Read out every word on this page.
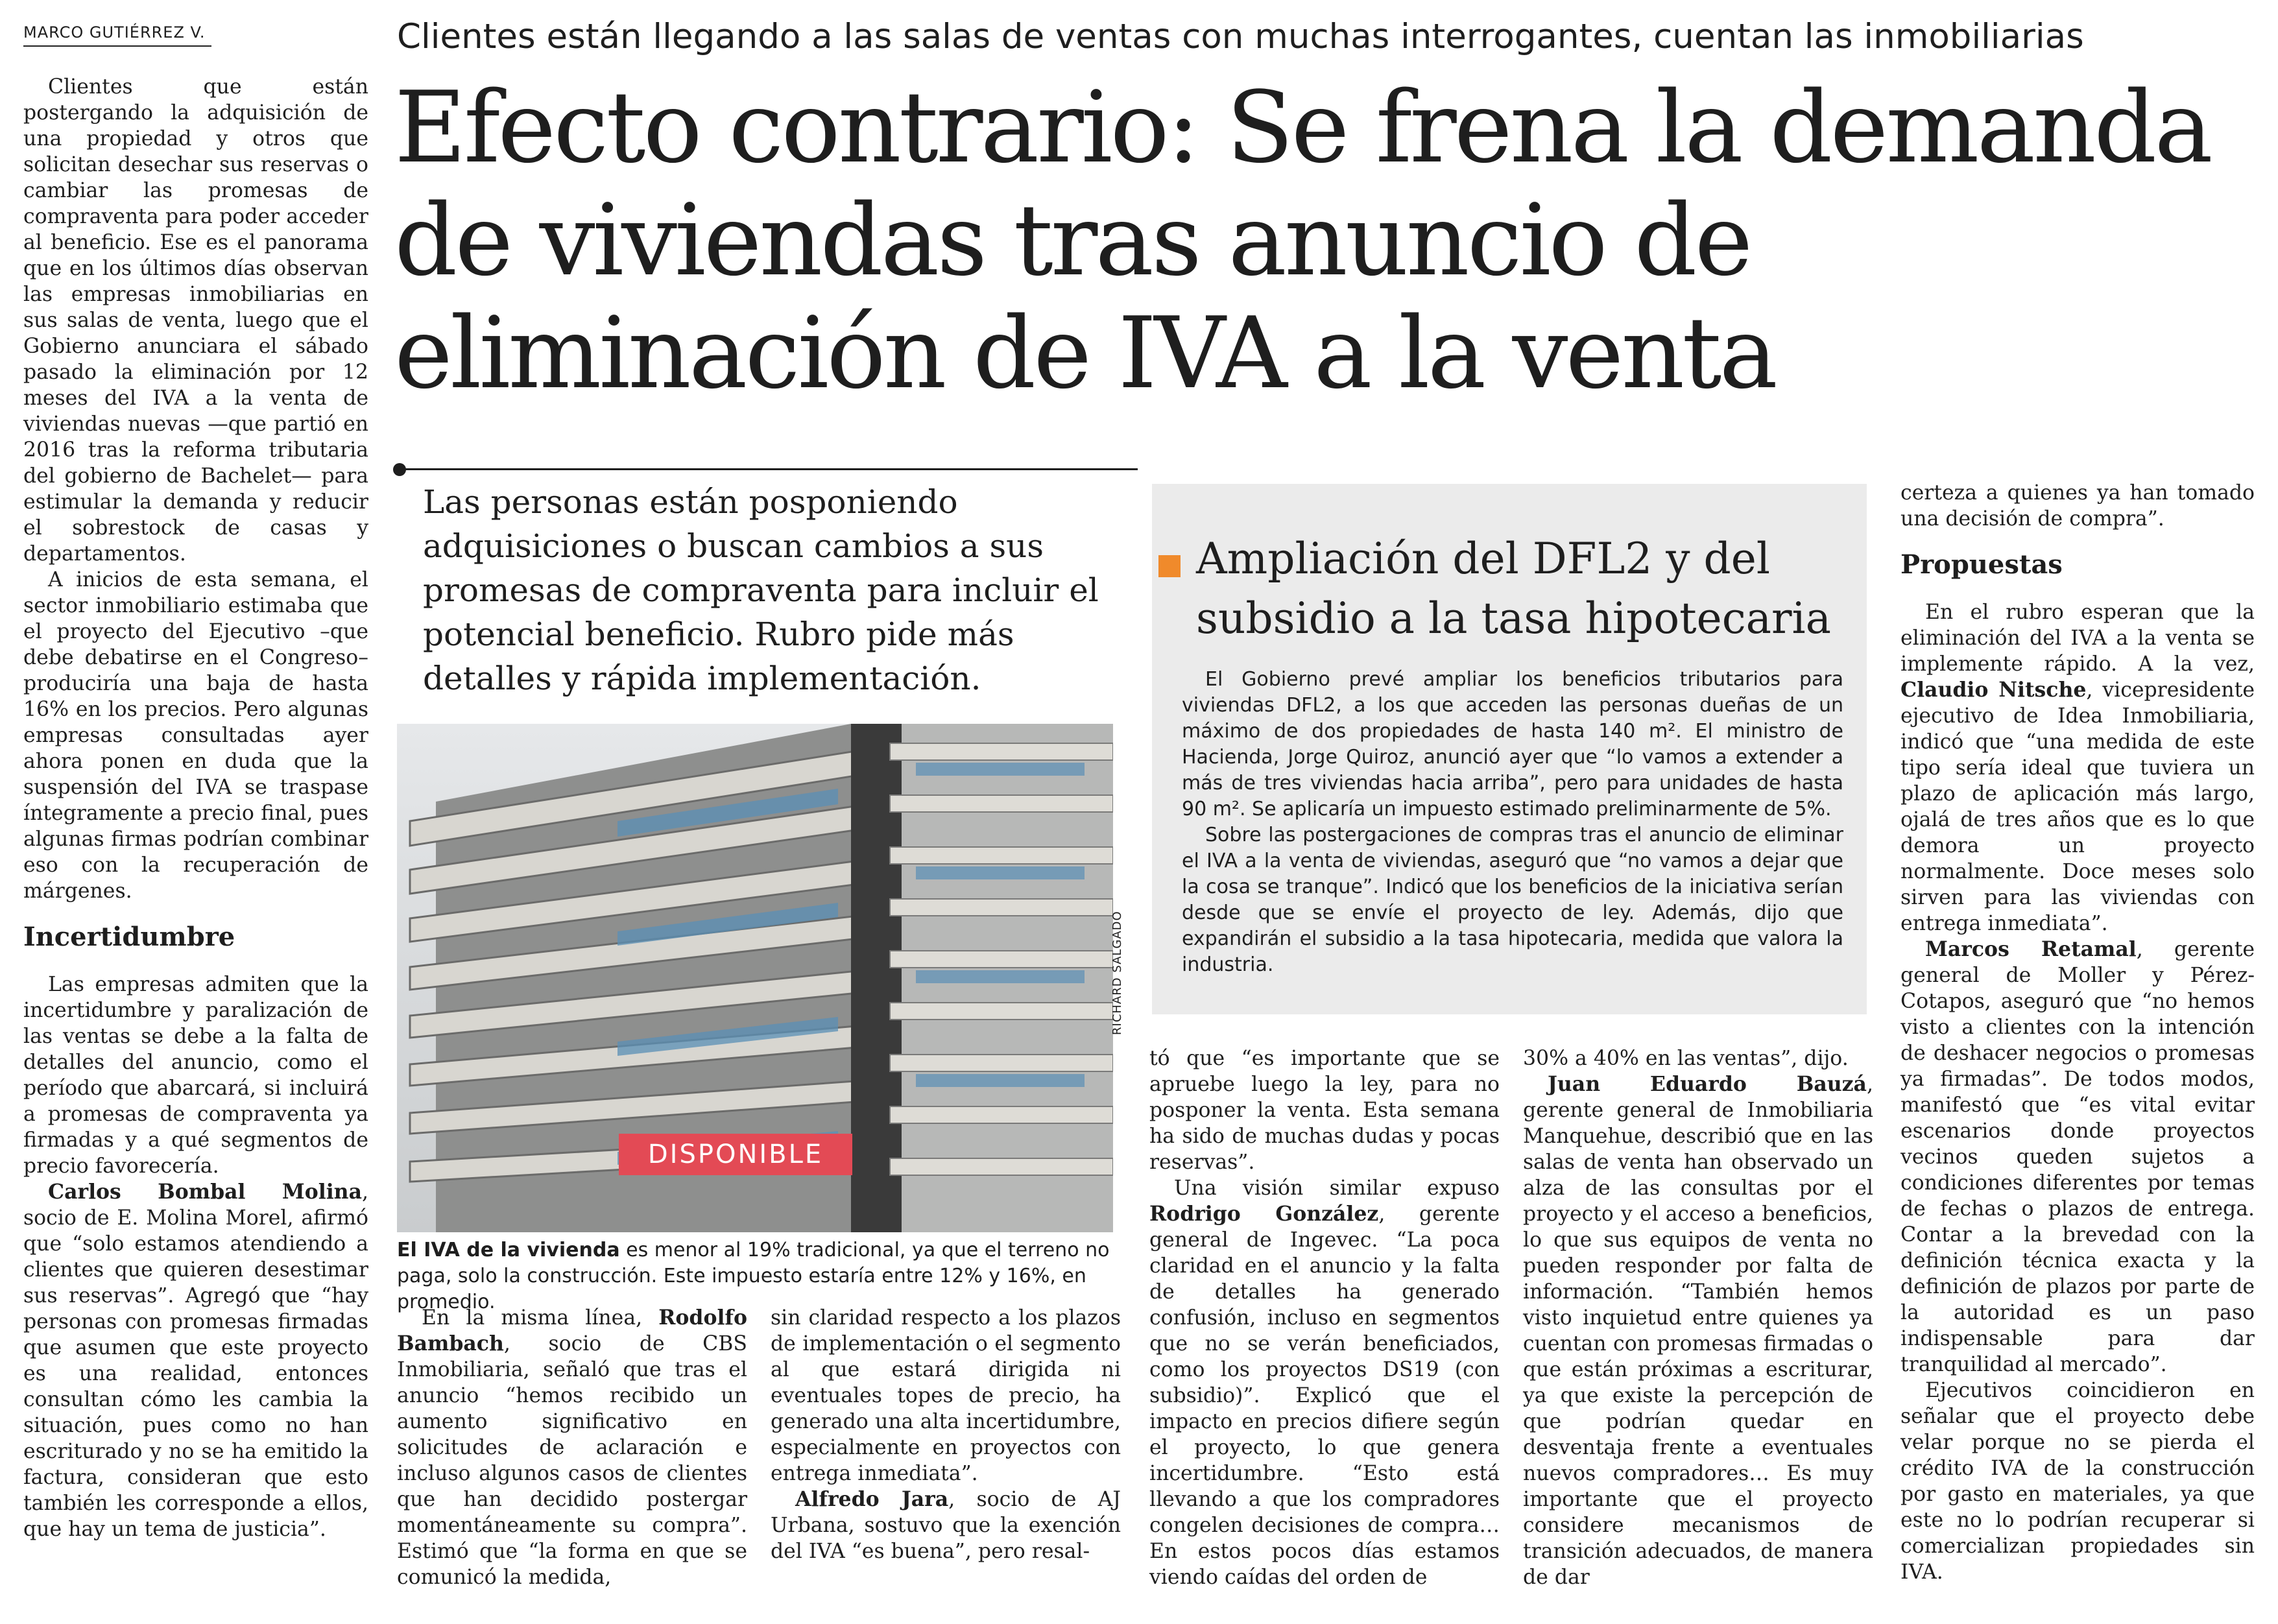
MARCO GUTIÉRREZ V.

Clientes que están postergando la adquisición de una propiedad y otros que solicitan desechar sus reservas o cambiar las promesas de compraventa para poder acceder al beneficio. Ese es el panorama que en los últimos días observan las empresas inmobiliarias en sus salas de venta, luego que el Gobierno anunciara el sábado pasado la eliminación por 12 meses del IVA a la venta de viviendas nuevas —que partió en 2016 tras la reforma tributaria del gobierno de Bachelet— para estimular la demanda y reducir el sobrestock de casas y departamentos.

A inicios de esta semana, el sector inmobiliario estimaba que el proyecto del Ejecutivo –que debe debatirse en el Congreso– produciría una baja de hasta 16% en los precios. Pero algunas empresas consultadas ayer ahora ponen en duda que la suspensión del IVA se traspase íntegramente a precio final, pues algunas firmas podrían combinar eso con la recuperación de márgenes.

Incertidumbre

Las empresas admiten que la incertidumbre y paralización de las ventas se debe a la falta de detalles del anuncio, como el período que abarcará, si incluirá a promesas de compraventa ya firmadas y a qué segmentos de precio favorecería.

Carlos Bombal Molina, socio de E. Molina Morel, afirmó que “solo estamos atendiendo a clientes que quieren desestimar sus reservas”. Agregó que “hay personas con promesas firmadas que asumen que este proyecto es una realidad, entonces consultan cómo les cambia la situación, pues como no han escriturado y no se ha emitido la factura, consideran que esto también les corresponde a ellos, que hay un tema de justicia”.

Clientes están llegando a las salas de ventas con muchas interrogantes, cuentan las inmobiliarias
Efecto contrario: Se frena la demanda de viviendas tras anuncio de eliminación de IVA a la venta
Las personas están posponiendo adquisiciones o buscan cambios a sus promesas de compraventa para incluir el potencial beneficio. Rubro pide más detalles y rápida implementación.
DISPONIBLE
RICHARD SALGADO
El IVA de la vivienda es menor al 19% tradicional, ya que el terreno no paga, solo la construcción. Este impuesto estaría entre 12% y 16%, en promedio.
Ampliación del DFL2 y del subsidio a la tasa hipotecaria

El Gobierno prevé ampliar los beneficios tributarios para viviendas DFL2, a los que acceden las personas dueñas de un máximo de dos propiedades de hasta 140 m². El ministro de Hacienda, Jorge Quiroz, anunció ayer que “lo vamos a extender a más de tres viviendas hacia arriba”, pero para unidades de hasta 90 m². Se aplicaría un impuesto estimado preliminarmente de 5%.

Sobre las postergaciones de compras tras el anuncio de eliminar el IVA a la venta de viviendas, aseguró que “no vamos a dejar que la cosa se tranque”. Indicó que los beneficios de la iniciativa serían desde que se envíe el proyecto de ley. Además, dijo que expandirán el subsidio a la tasa hipotecaria, medida que valora la industria.

En la misma línea, Rodolfo Bambach, socio de CBS Inmobiliaria, señaló que tras el anuncio “hemos recibido un aumento significativo en solicitudes de aclaración e incluso algunos casos de clientes que han decidido postergar momentáneamente su compra”. Estimó que “la forma en que se comunicó la medida,

sin claridad respecto a los plazos de implementación o el segmento al que estará dirigida ni eventuales topes de precio, ha generado una alta incertidumbre, especialmente en proyectos con entrega inmediata”.

Alfredo Jara, socio de AJ Urbana, sostuvo que la exención del IVA “es buena”, pero resal-

tó que “es importante que se apruebe luego la ley, para no posponer la venta. Esta semana ha sido de muchas dudas y pocas reservas”.

Una visión similar expuso Rodrigo González, gerente general de Ingevec. “La poca claridad en el anuncio y la falta de detalles ha generado confusión, incluso en segmentos que no se verán beneficiados, como los proyectos DS19 (con subsidio)”. Explicó que el impacto en precios difiere según el proyecto, lo que genera incertidumbre. “Esto está llevando a que los compradores congelen decisiones de compra… En estos pocos días estamos viendo caídas del orden de

30% a 40% en las ventas”, dijo.

Juan Eduardo Bauzá, gerente general de Inmobiliaria Manquehue, describió que en las salas de venta han observado un alza de las consultas por el proyecto y el acceso a beneficios, lo que sus equipos de venta no pueden responder por falta de información. “También hemos visto inquietud entre quienes ya cuentan con promesas firmadas o que están próximas a escriturar, ya que existe la percepción de que podrían quedar en desventaja frente a eventuales nuevos compradores… Es muy importante que el proyecto considere mecanismos de transición adecuados, de manera de dar

certeza a quienes ya han tomado una decisión de compra”.

Propuestas

En el rubro esperan que la eliminación del IVA a la venta se implemente rápido. A la vez, Claudio Nitsche, vicepresidente ejecutivo de Idea Inmobiliaria, indicó que “una medida de este tipo sería ideal que tuviera un plazo de aplicación más largo, ojalá de tres años que es lo que demora un proyecto normalmente. Doce meses solo sirven para las viviendas con entrega inmediata”.

Marcos Retamal, gerente general de Moller y Pérez-Cotapos, aseguró que “no hemos visto a clientes con la intención de deshacer negocios o promesas ya firmadas”. De todos modos, manifestó que “es vital evitar escenarios donde proyectos vecinos queden sujetos a condiciones diferentes por temas de fechas o plazos de entrega. Contar a la brevedad con la definición técnica exacta y la definición de plazos por parte de la autoridad es un paso indispensable para dar tranquilidad al mercado”.

Ejecutivos coincidieron en señalar que el proyecto debe velar porque no se pierda el crédito IVA de la construcción por gasto en materiales, ya que este no lo podrían recuperar si comercializan propiedades sin IVA.
